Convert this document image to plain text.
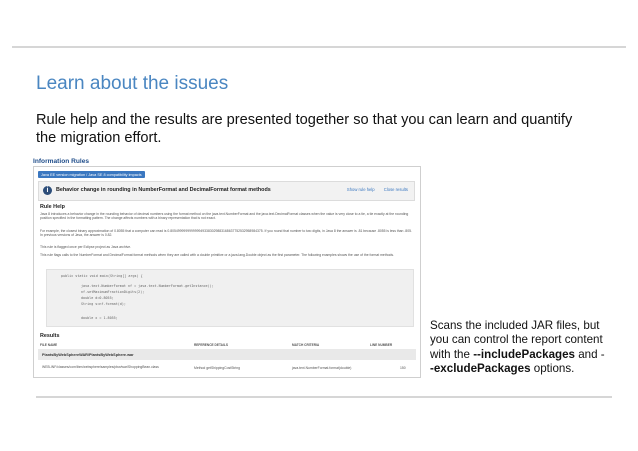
Learn about the issues
Rule help and the results are presented together so that you can learn and quantify the migration effort.
Information Rules
Java EE version migration / Java SE 8 compatibility impacts
i	Behavior change in rounding in NumberFormat and DecimalFormat format methods	Show rule help Close results
Rule Help
Java 8 introduces a behavior change in the rounding behavior of decimal numbers using the format method on the java.text.NumberFormat and the java.text.DecimalFormat classes when the value is very close to a tie, a tie exactly at the rounding position specified in the formatting pattern. The change affects numbers with a binary representation that is not exact.
For example, the closest binary approximation of 0.8055 that a computer can read is 0.8054999999999999493383029883168637752532958984375. If you round that number to two digits, in Java 8 the answer is .81 because .8055 is less than .805. In previous versions of Java, the answer is 0.82.
This rule is flagged once per Eclipse project as Java archive.
This rule flags calls to the NumberFormat and DecimalFormat format methods when they are called with a double primitive or a java.lang.Double object as the first parameter. The following examples shows the use of the format methods.
public static void main(String[] args) {
java.text.NumberFormat nf = java.text.NumberFormat.getInstance();
nf.setMaximumFractionDigits(2);
double d=0.8055;
String s=nf.format(d);
double x = 1.8055;
Results
FILE NAME	REFERENCE DETAILS	MATCH CRITERIA	LINE NUMBER
PlantsByWebSphereWAR/PlantsByWebSphere.war
WEB-INF/classes/com/ibm/websphere/samples/pbw/war/ShoppingBean.class	Method getShippingCostString	java.text.NumberFormat.format(double)	150
Scans the included JAR files, but
you can control the report content
with the --includePackages and -
-excludePackages options.
